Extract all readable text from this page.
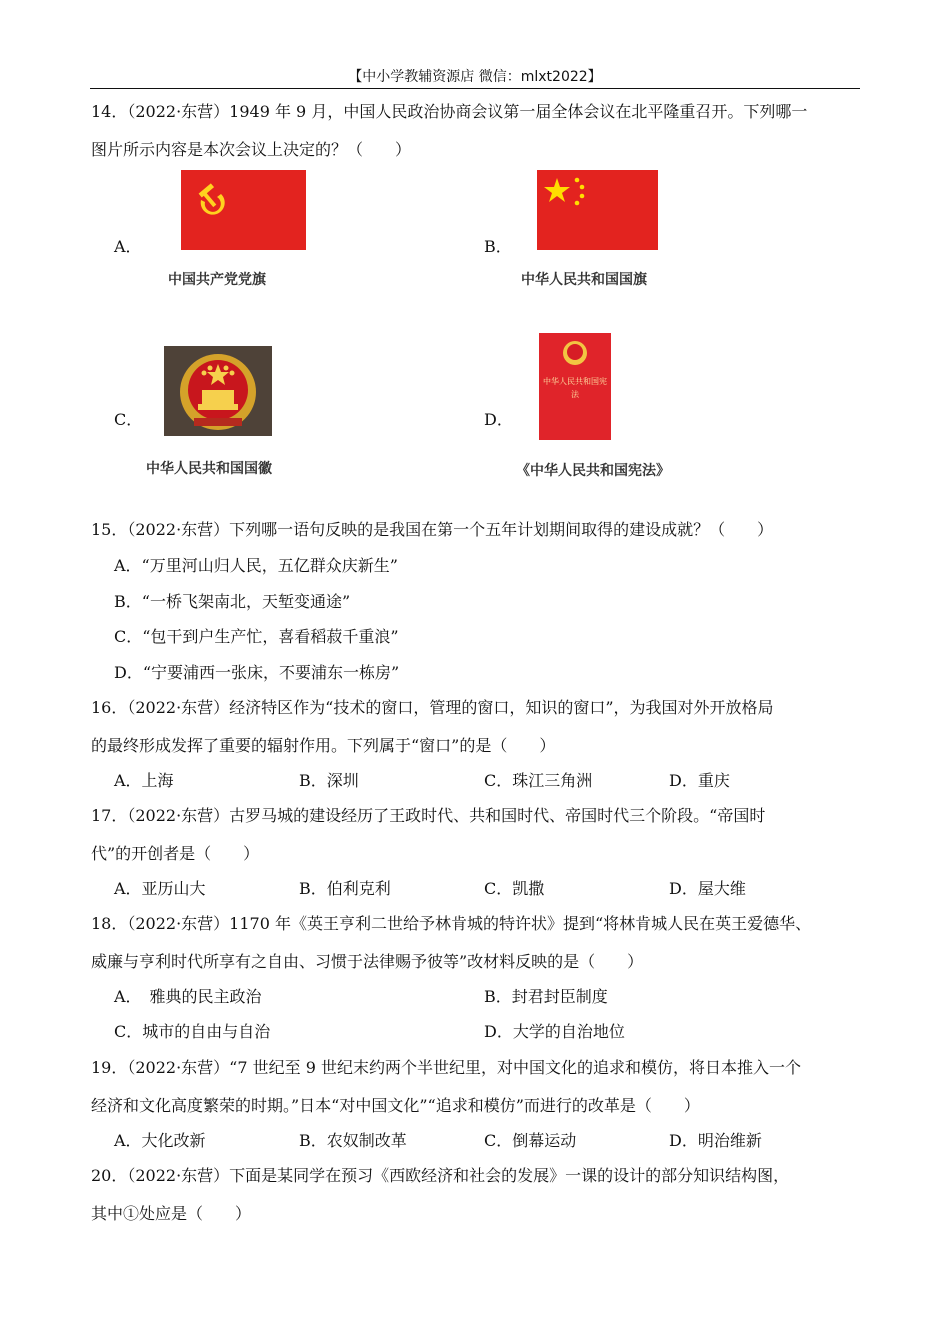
【中小学教辅资源店 微信：mlxt2022】
14．（2022·东营）1949 年 9 月，中国人民政治协商会议第一届全体会议在北平隆重召开。下列哪一
图片所示内容是本次会议上决定的？（　　）
A．
中国共产党党旗
B．
中华人民共和国国旗
C．
中华人民共和国国徽
D．
中华人民共和国宪 法
《中华人民共和国宪法》
15．（2022·东营）下列哪一语句反映的是我国在第一个五年计划期间取得的建设成就？（　　）
A．“万里河山归人民，五亿群众庆新生”
B．“一桥飞架南北，天堑变通途”
C．“包干到户生产忙，喜看稻菽千重浪”
D．“宁要浦西一张床，不要浦东一栋房”
16．（2022·东营）经济特区作为“技术的窗口，管理的窗口，知识的窗口”，为我国对外开放格局
的最终形成发挥了重要的辐射作用。下列属于“窗口”的是（　　）
A．上海	B．深圳	C．珠江三角洲	D．重庆
17．（2022·东营）古罗马城的建设经历了王政时代、共和国时代、帝国时代三个阶段。“帝国时
代”的开创者是（　　）
A．亚历山大	B．伯利克利	C．凯撒	D．屋大维
18．（2022·东营）1170 年《英王亨利二世给予林肯城的特许状》提到“将林肯城人民在英王爱德华、
威廉与亨利时代所享有之自由、习惯于法律赐予彼等”改材料反映的是（　　）
A．　雅典的民主政治	B．封君封臣制度
C．城市的自由与自治	D．大学的自治地位
19．（2022·东营）“7 世纪至 9 世纪末约两个半世纪里，对中国文化的追求和模仿，将日本推入一个
经济和文化高度繁荣的时期。”日本“对中国文化”“追求和模仿”而进行的改革是（　　）
A．大化改新	B．农奴制改革	C．倒幕运动	D．明治维新
20．（2022·东营）下面是某同学在预习《西欧经济和社会的发展》一课的设计的部分知识结构图，
其中①处应是（　　）
